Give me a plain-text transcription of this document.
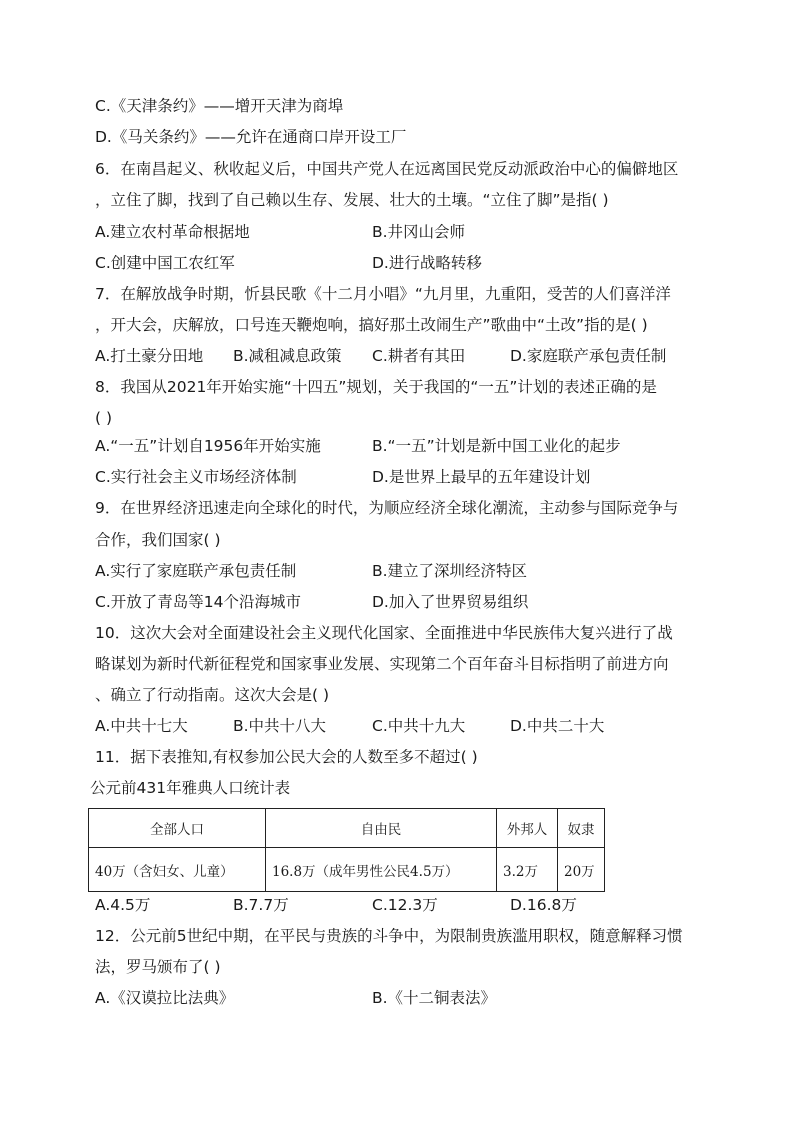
C.《天津条约》——增开天津为商埠
D.《马关条约》——允许在通商口岸开设工厂
6．在南昌起义、秋收起义后，中国共产党人在远离国民党反动派政治中心的偏僻地区
，立住了脚，找到了自己赖以生存、发展、壮大的土壤。“立住了脚”是指( )
A.建立农村革命根据地	B.井冈山会师
C.创建中国工农红军	D.进行战略转移
7．在解放战争时期，忻县民歌《十二月小唱》“九月里，九重阳，受苦的人们喜洋洋
，开大会，庆解放，口号连天鞭炮响，搞好那土改闹生产”歌曲中“土改”指的是( )
A.打土豪分田地 B.减租减息政策 C.耕者有其田	D.家庭联产承包责任制
8．我国从2021年开始实施“十四五”规划，关于我国的“一五”计划的表述正确的是
( )
A.“一五”计划自1956年开始实施	B.“一五”计划是新中国工业化的起步
C.实行社会主义市场经济体制	D.是世界上最早的五年建设计划
9．在世界经济迅速走向全球化的时代，为顺应经济全球化潮流，主动参与国际竞争与
合作，我们国家( )
A.实行了家庭联产承包责任制	B.建立了深圳经济特区
C.开放了青岛等14个沿海城市	D.加入了世界贸易组织
10．这次大会对全面建设社会主义现代化国家、全面推进中华民族伟大复兴进行了战
略谋划为新时代新征程党和国家事业发展、实现第二个百年奋斗目标指明了前进方向
、确立了行动指南。这次大会是( )
A.中共十七大	B.中共十八大	C.中共十九大	D.中共二十大
11．据下表推知,有权参加公民大会的人数至多不超过( )
公元前431年雅典人口统计表
全部人口	自由民	外邦人	奴隶
40万（含妇女、儿童）	16.8万（成年男性公民4.5万）	3.2万	20万
A.4.5万	B.7.7万	C.12.3万	D.16.8万
12．公元前5世纪中期，在平民与贵族的斗争中，为限制贵族滥用职权，随意解释习惯
法，罗马颁布了( )
A.《汉谟拉比法典》	B.《十二铜表法》
